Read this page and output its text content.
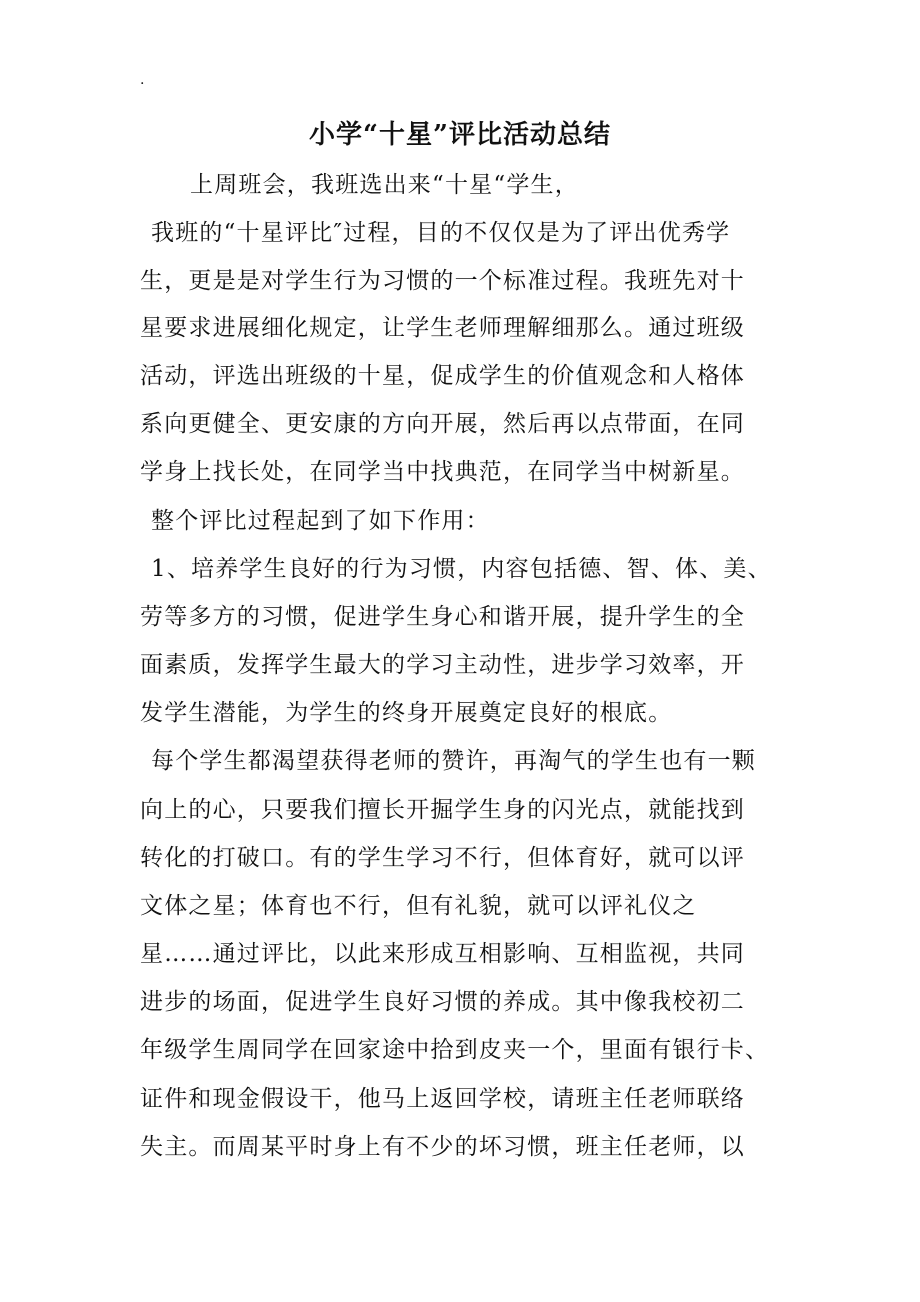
.
小学“十星”评比活动总结
上周班会，我班选出来“十星“学生，
我班的“十星评比″过程，目的不仅仅是为了评出优秀学
生，更是是对学生行为习惯的一个标准过程。我班先对十
星要求进展细化规定，让学生老师理解细那么。通过班级
活动，评选出班级的十星，促成学生的价值观念和人格体
系向更健全、更安康的方向开展，然后再以点带面，在同
学身上找长处，在同学当中找典范，在同学当中树新星。
整个评比过程起到了如下作用：
1、培养学生良好的行为习惯，内容包括德、智、体、美、
劳等多方的习惯，促进学生身心和谐开展，提升学生的全
面素质，发挥学生最大的学习主动性，进步学习效率，开
发学生潜能，为学生的终身开展奠定良好的根底。
每个学生都渴望获得老师的赞许，再淘气的学生也有一颗
向上的心，只要我们擅长开掘学生身的闪光点，就能找到
转化的打破口。有的学生学习不行，但体育好，就可以评
文体之星；体育也不行，但有礼貌，就可以评礼仪之
星……通过评比，以此来形成互相影响、互相监视，共同
进步的场面，促进学生良好习惯的养成。其中像我校初二
年级学生周同学在回家途中拾到皮夹一个，里面有银行卡、
证件和现金假设干，他马上返回学校，请班主任老师联络
失主。而周某平时身上有不少的坏习惯，班主任老师，以
